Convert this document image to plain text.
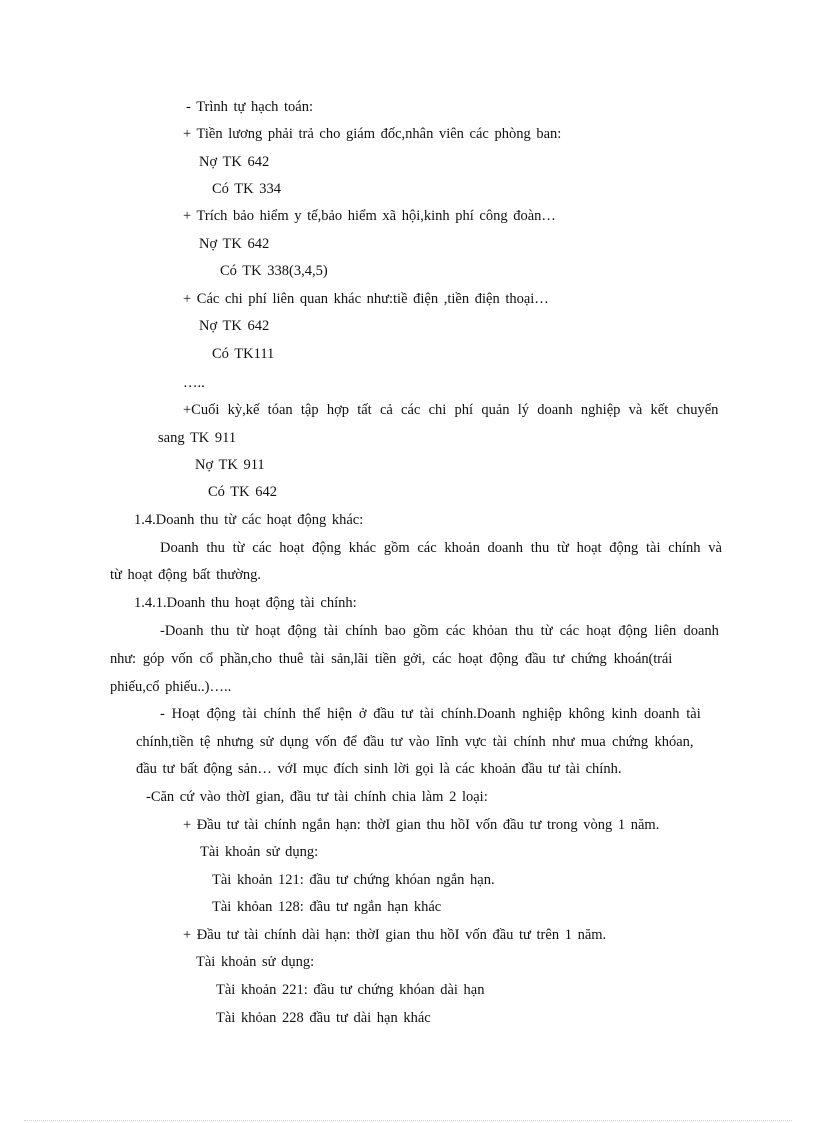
- Trình tự hạch toán:
+ Tiền lương phải trả cho giám đốc,nhân viên các phòng ban:
Nợ TK 642
Có TK 334
+ Trích bảo hiểm y tế,bảo hiểm xã hội,kinh phí công đoàn…
Nợ TK 642
Có TK 338(3,4,5)
+ Các chi phí liên quan khác như:tiề điện ,tiền điện thoại…
Nợ TK 642
Có TK111
…..
+Cuối kỳ,kế tóan tập hợp tất cả các chi phí quản lý doanh nghiệp và kết chuyển
sang TK 911
Nợ TK 911
Có TK 642
1.4.Doanh thu từ các hoạt động khác:
Doanh thu từ các hoạt động khác gồm các khoản doanh thu từ hoạt động tài chính và
từ hoạt động bất thường.
1.4.1.Doanh thu hoạt động tài chính:
-Doanh thu từ hoạt động tài chính bao gồm các khỏan thu từ các hoạt động liên doanh
như: góp vốn cổ phần,cho thuê tài sản,lãi tiền gởi, các hoạt động đầu tư chứng khoán(trái
phiếu,cổ phiếu..)…..
- Hoạt động tài chính thể hiện ở đầu tư tài chính.Doanh nghiệp không kinh doanh tài
chính,tiền tệ nhưng sử dụng vốn để đầu tư vào lĩnh vực tài chính như mua chứng khóan,
đầu tư bất động sản… vớI mục đích sinh lời gọi là các khoản đầu tư tài chính.
-Căn cứ vào thờI gian, đầu tư tài chính chia làm 2 loại:
+ Đầu tư tài chính ngắn hạn: thờI gian thu hồI vốn đầu tư trong vòng 1 năm.
Tài khoản sử dụng:
Tài khoản 121: đầu tư chứng khóan ngắn hạn.
Tài khỏan 128: đầu tư ngắn hạn khác
+ Đầu tư tài chính dài hạn: thờI gian thu hồI vốn đầu tư trên 1 năm.
Tài khoản sử dụng:
Tài khoản 221: đầu tư chứng khóan dài hạn
Tài khỏan 228 đầu tư dài hạn khác
